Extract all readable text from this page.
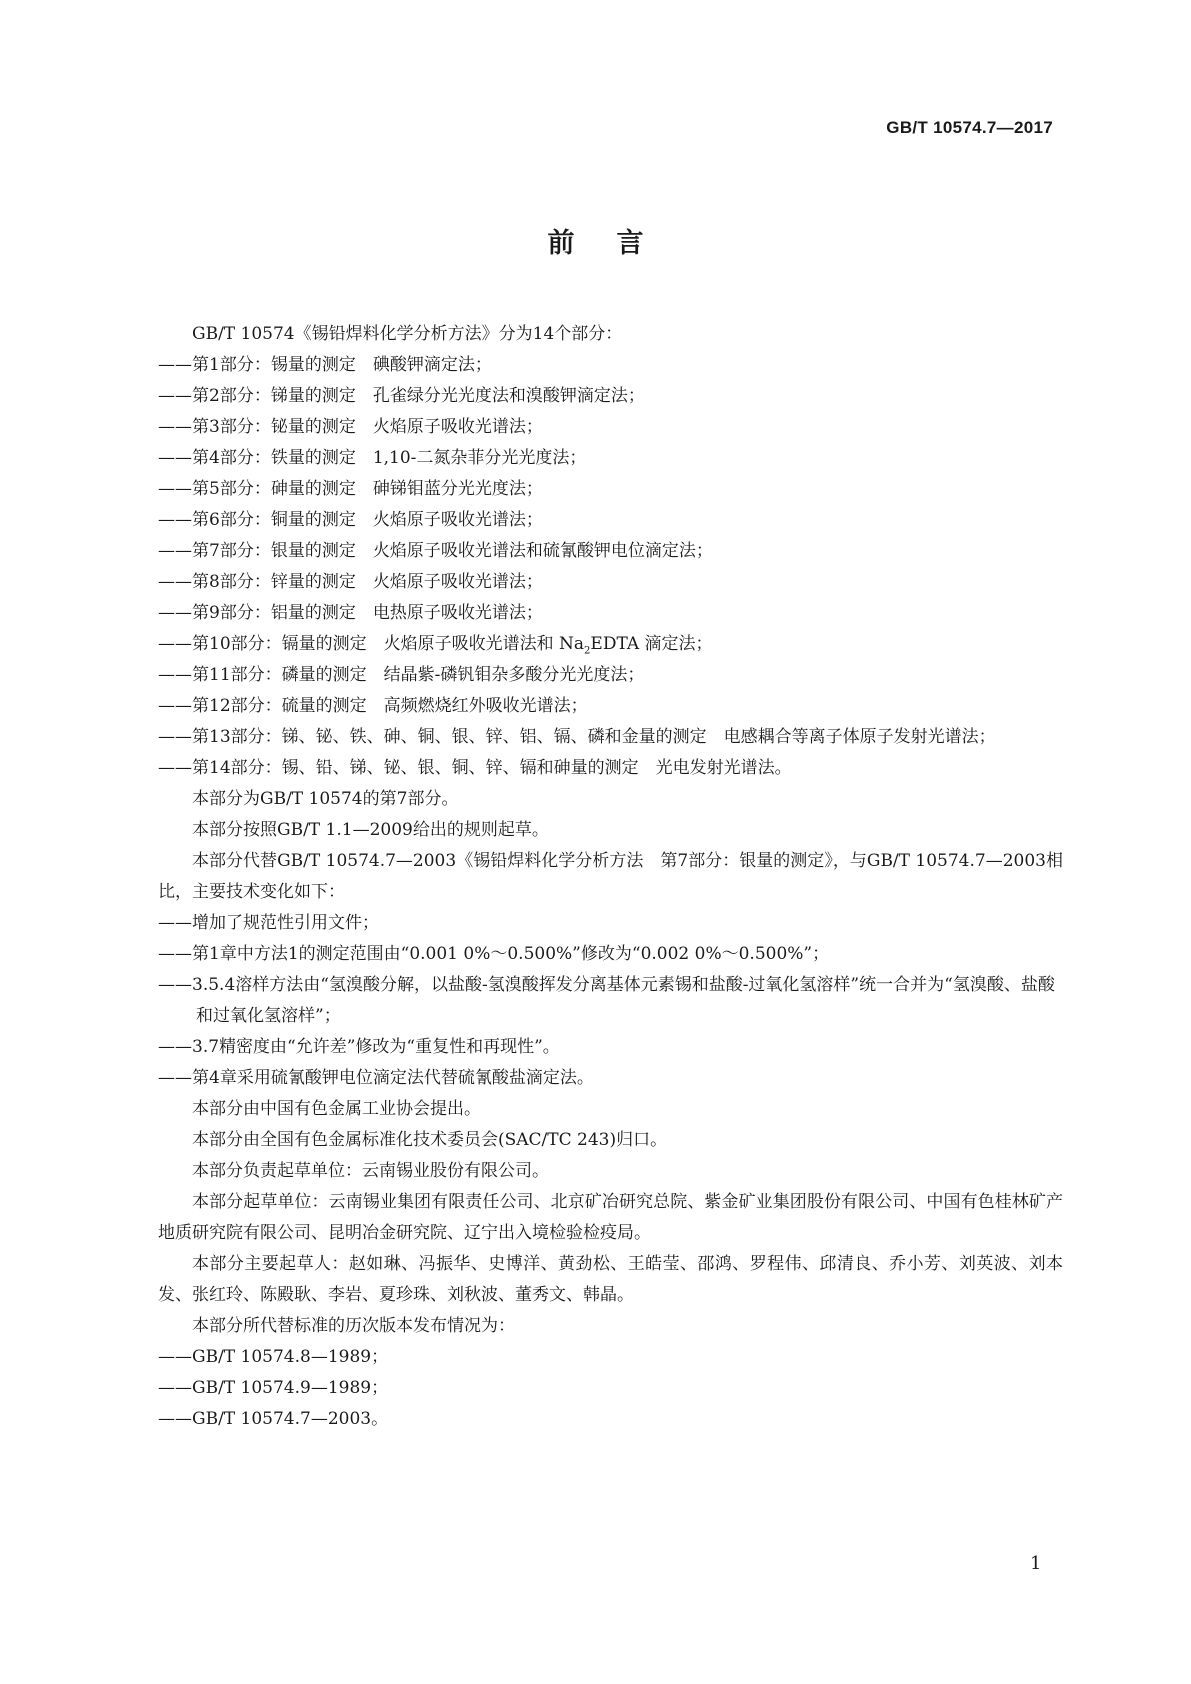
GB/T 10574.7—2017

前言

GB/T 10574《锡铅焊料化学分析方法》分为14个部分：

—— 第1部分：锡量的测定　碘酸钾滴定法；

—— 第2部分：锑量的测定　孔雀绿分光光度法和溴酸钾滴定法；

—— 第3部分：铋量的测定　火焰原子吸收光谱法；

—— 第4部分：铁量的测定　1,10-二氮杂菲分光光度法；

—— 第5部分：砷量的测定　砷锑钼蓝分光光度法；

—— 第6部分：铜量的测定　火焰原子吸收光谱法；

—— 第7部分：银量的测定　火焰原子吸收光谱法和硫氰酸钾电位滴定法；

—— 第8部分：锌量的测定　火焰原子吸收光谱法；

—— 第9部分：铝量的测定　电热原子吸收光谱法；

—— 第10部分：镉量的测定　火焰原子吸收光谱法和 $Na_2EDTA$ 滴定法；

—— 第11部分：磷量的测定　结晶紫-磷钒钼杂多酸分光光度法；

—— 第12部分：硫量的测定　高频燃烧红外吸收光谱法；

—— 第13部分：锑、铋、铁、砷、铜、银、锌、铝、镉、磷和金量的测定　电感耦合等离子体原子发射光谱法；

—— 第14部分：锡、铅、锑、铋、银、铜、锌、镉和砷量的测定　光电发射光谱法。

本部分为GB/T 10574的第7部分。

本部分按照GB/T 1.1—2009给出的规则起草。

本部分代替GB/T 10574.7—2003《锡铅焊料化学分析方法　第7部分：银量的测定》，与GB/T 10574.7—2003相比，主要技术变化如下：

—— 增加了规范性引用文件；

—— 第1章中方法1的测定范围由“0.001 0%～0.500%”修改为“0.002 0%～0.500%”；

—— 3.5.4溶样方法由“氢溴酸分解，以盐酸-氢溴酸挥发分离基体元素锡和盐酸-过氧化氢溶样”统一合并为“氢溴酸、盐酸和过氧化氢溶样”；

—— 3.7精密度由“允许差”修改为“重复性和再现性”。

—— 第4章采用硫氰酸钾电位滴定法代替硫氰酸盐滴定法。

本部分由中国有色金属工业协会提出。

本部分由全国有色金属标准化技术委员会(SAC/TC 243)归口。

本部分负责起草单位：云南锡业股份有限公司。

本部分起草单位：云南锡业集团有限责任公司、北京矿冶研究总院、紫金矿业集团股份有限公司、中国有色桂林矿产地质研究院有限公司、昆明冶金研究院、辽宁出入境检验检疫局。

本部分主要起草人：赵如琳、冯振华、史博洋、黄劲松、王皓莹、邵鸿、罗程伟、邱清良、乔小芳、刘英波、刘本发、张红玲、陈殿耿、李岩、夏珍珠、刘秋波、董秀文、韩晶。

本部分所代替标准的历次版本发布情况为：

—— GB/T 10574.8—1989；

—— GB/T 10574.9—1989；

—— GB/T 10574.7—2003。

1
